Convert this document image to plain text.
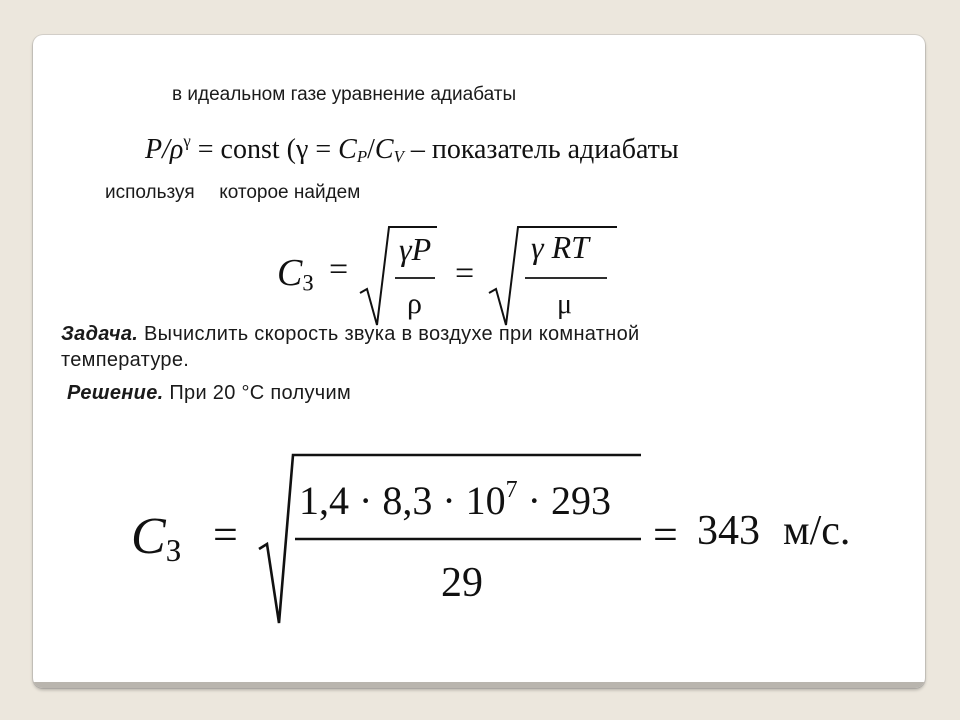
в идеальном газе уравнение адиабаты
$P/\rho^\gamma$ = const ($\gamma = C_P/C_V$ – показатель адиабаты
используя которое найдем
$C_З$ =
γP
ρ
=
γ RT
μ
Задача. Вычислить скорость звука в воздухе при комнатной
температуре.
Решение. При 20 °С получим
$C_З$ =
$1,4 \cdot 8,3 \cdot 10^7 \cdot 293$
29
= 343 м/с.
